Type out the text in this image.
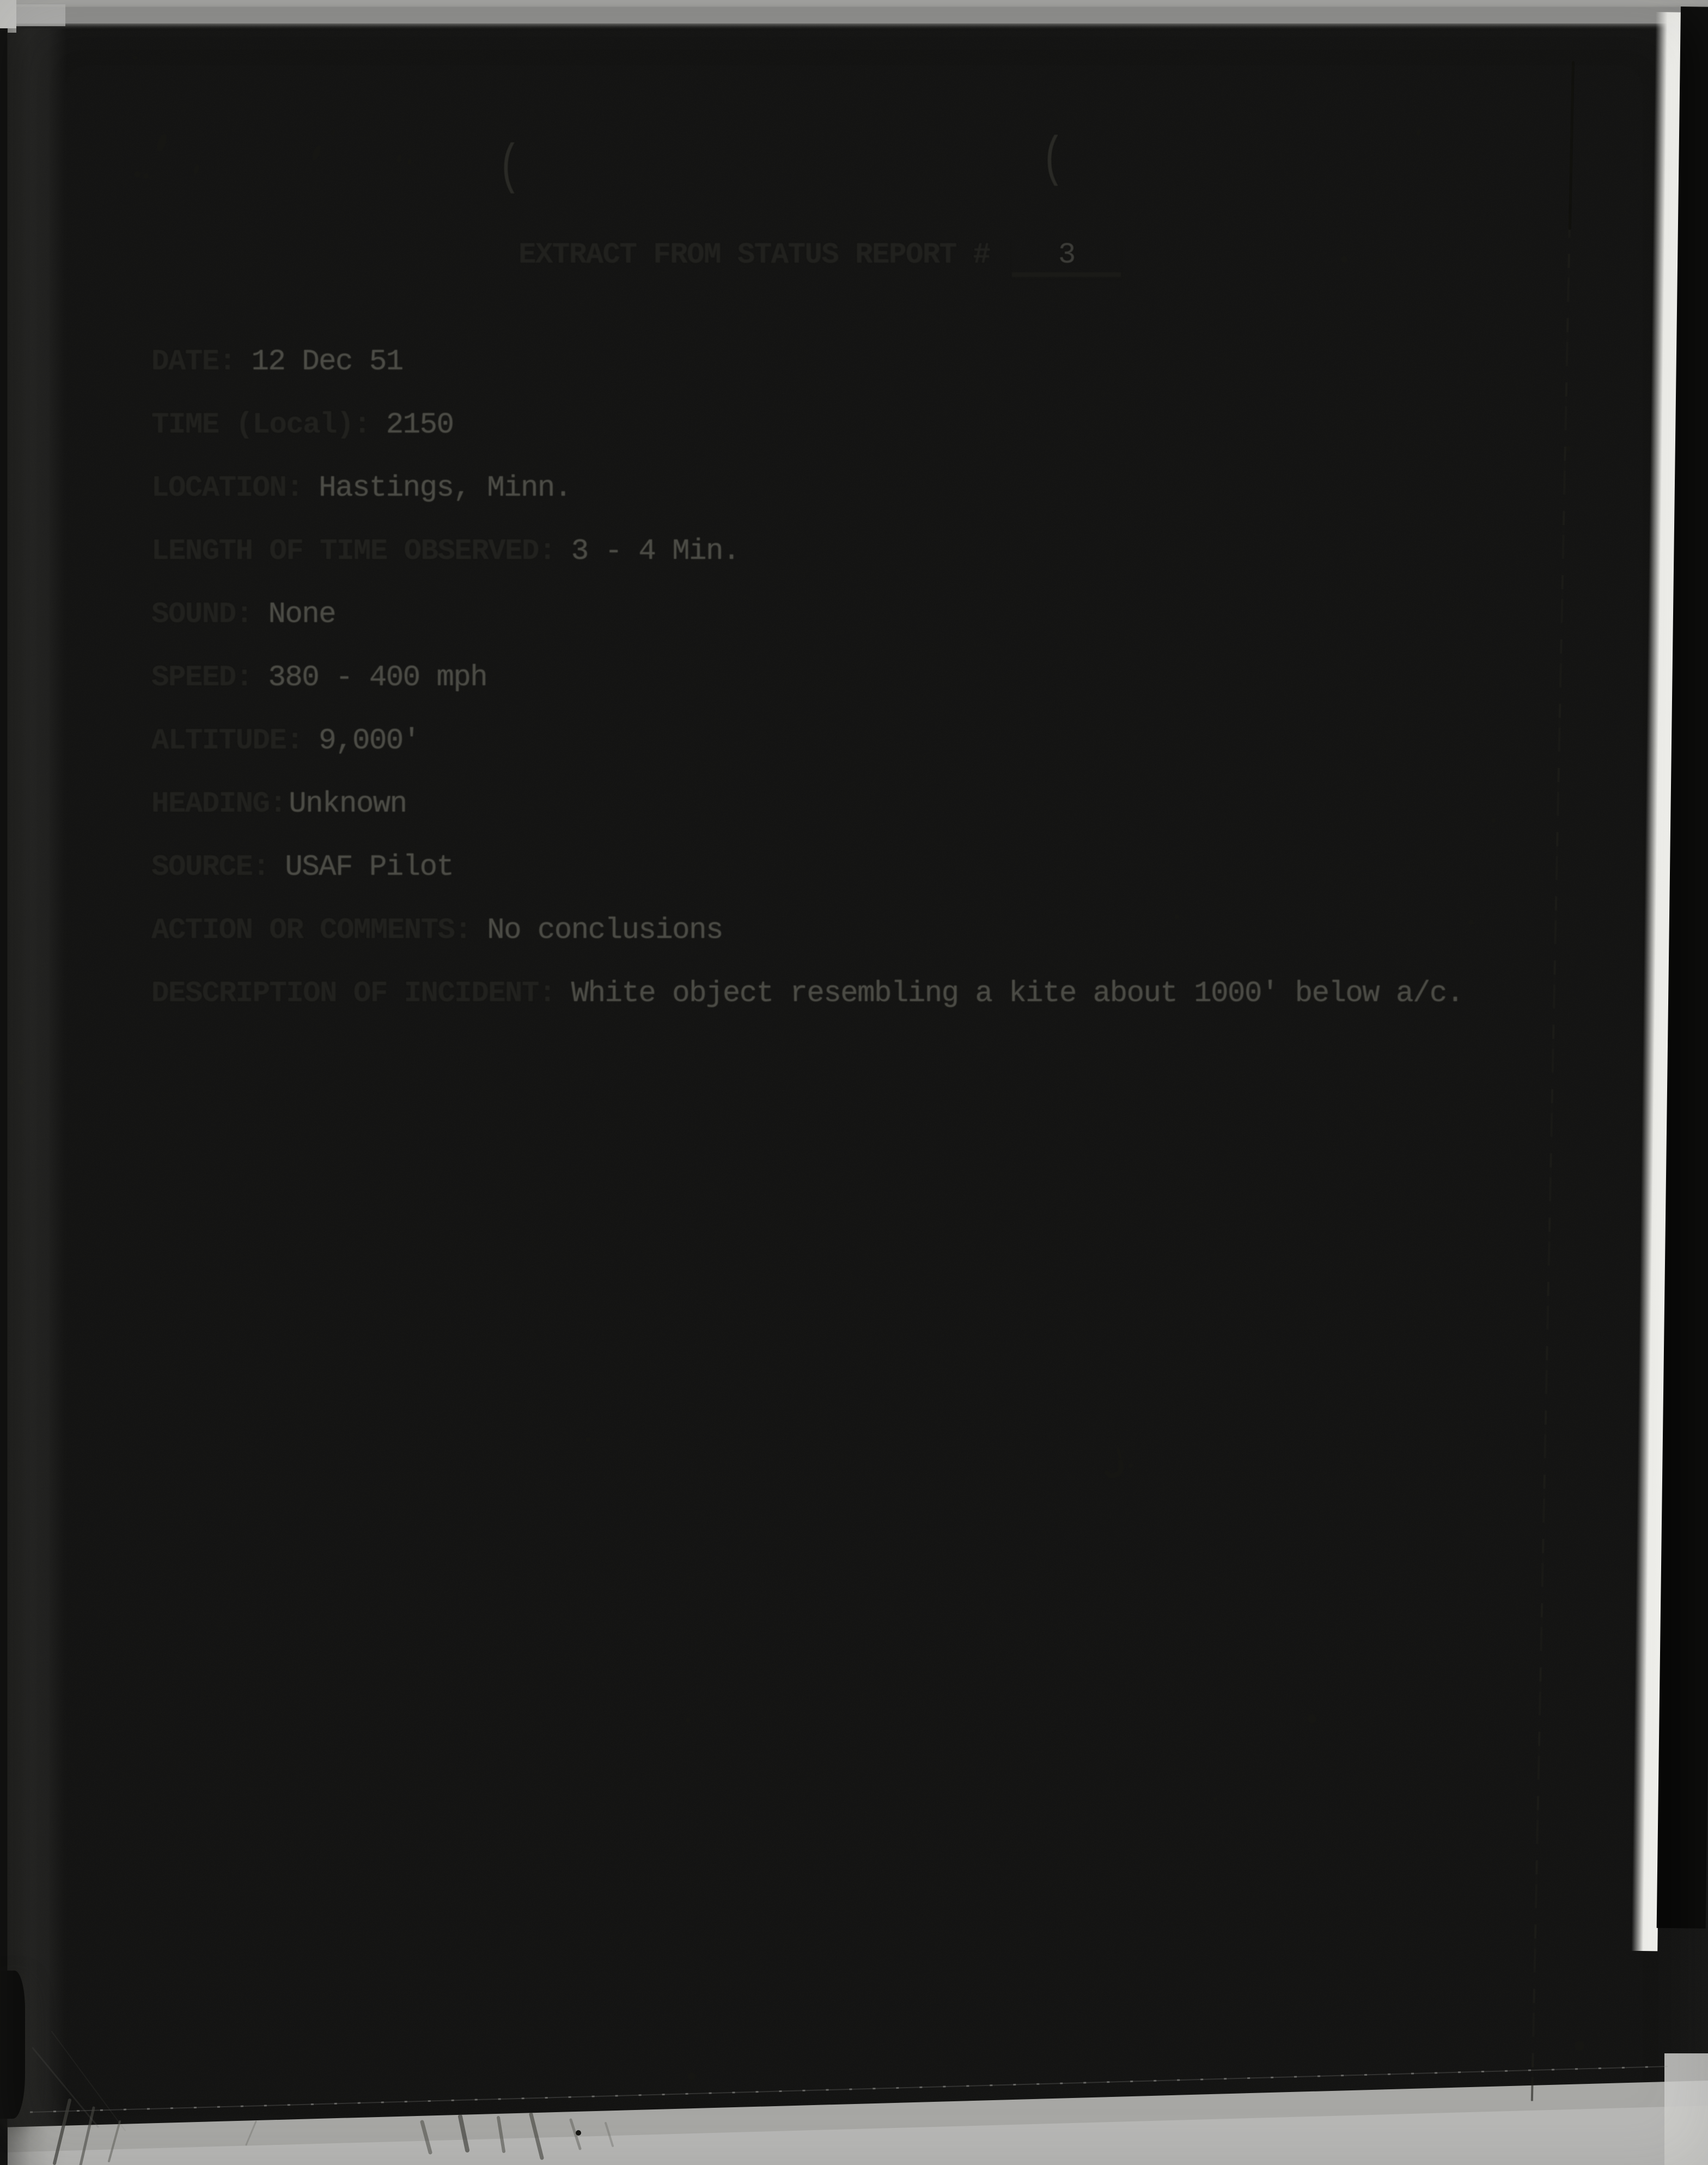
EXTRACT FROM STATUS REPORT # 3
DATE: 12 Dec 51
TIME (Local): 2150
LOCATION: Hastings, Minn.
LENGTH OF TIME OBSERVED: 3 - 4 Min.
SOUND: None
SPEED: 380 - 400 mph
ALTITUDE: 9,000'
HEADING:Unknown
SOURCE: USAF Pilot
ACTION OR COMMENTS: No conclusions
DESCRIPTION OF INCIDENT: White object resembling a kite about 1000' below a/c.
(	(
